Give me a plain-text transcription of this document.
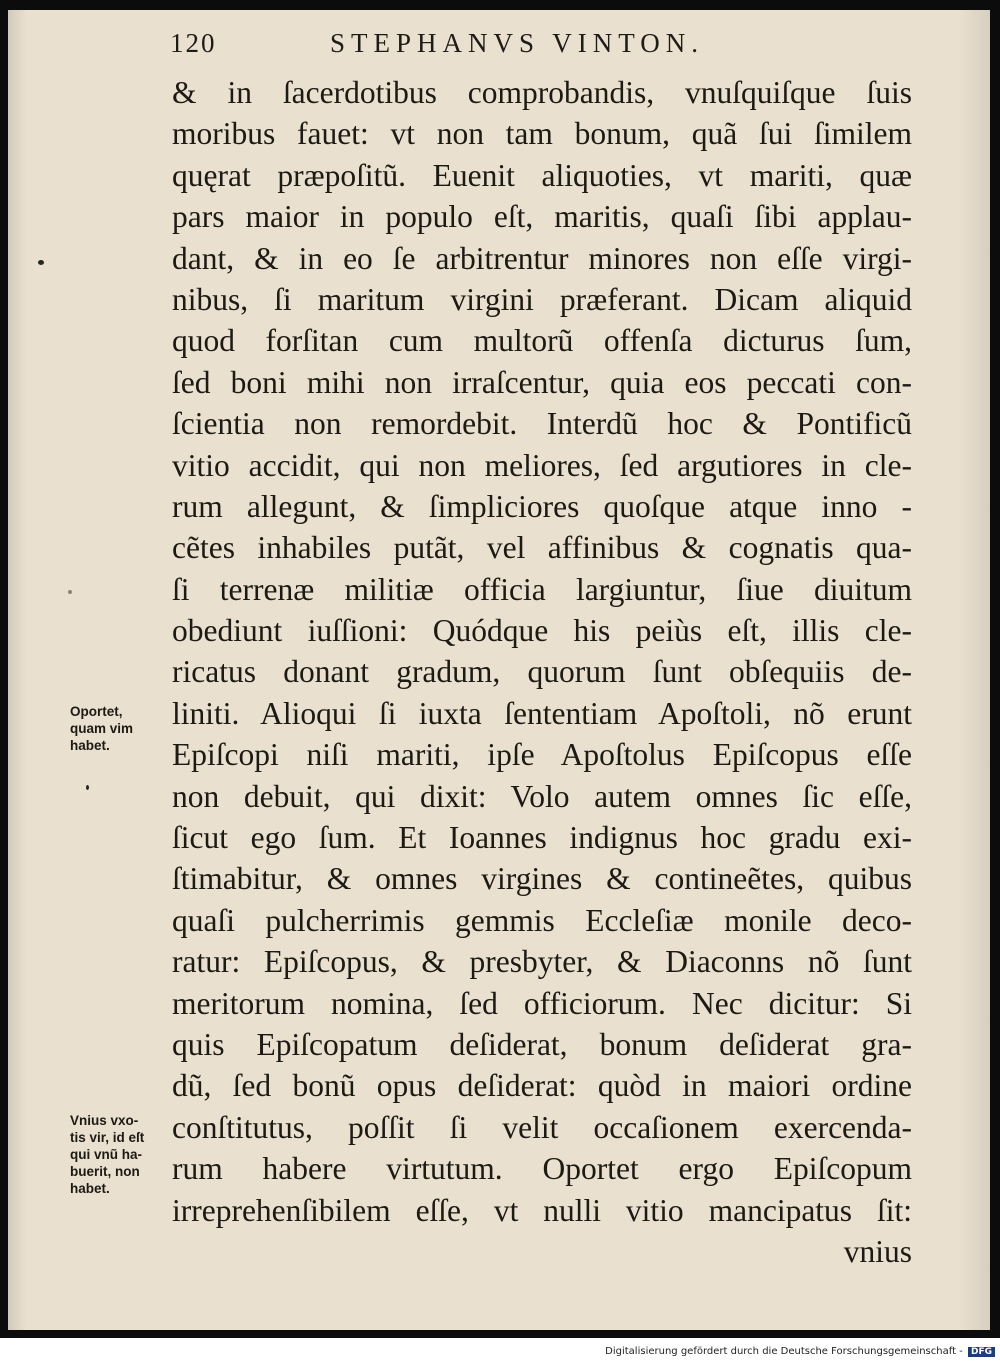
120	STEPHANVS VINTON.
& in ſacerdotibus comprobandis, vnuſquiſque ſuis
moribus fauet: vt non tam bonum, quã ſui ſimilem
quęrat præpoſitũ. Euenit aliquoties, vt mariti, quæ
pars maior in populo eſt, maritis, quaſi ſibi applau-
dant, & in eo ſe arbitrentur minores non eſſe virgi-
nibus, ſi maritum virgini præferant. Dicam aliquid
quod forſitan cum multorũ offenſa dicturus ſum,
ſed boni mihi non irraſcentur, quia eos peccati con-
ſcientia non remordebit. Interdũ hoc & Pontificũ
vitio accidit, qui non meliores, ſed argutiores in cle-
rum allegunt, & ſimpliciores quoſque atque inno -
cẽtes inhabiles putãt, vel affinibus & cognatis qua-
ſi terrenæ militiæ officia largiuntur, ſiue diuitum
obediunt iuſſioni: Quódque his peiùs eſt, illis cle-
ricatus donant gradum, quorum ſunt obſequiis de-
liniti. Alioqui ſi iuxta ſententiam Apoſtoli, nõ erunt
Epiſcopi niſi mariti, ipſe Apoſtolus Epiſcopus eſſe
non debuit, qui dixit: Volo autem omnes ſic eſſe,
ſicut ego ſum. Et Ioannes indignus hoc gradu exi-
ſtimabitur, & omnes virgines & contineẽtes, quibus
quaſi pulcherrimis gemmis Eccleſiæ monile deco-
ratur: Epiſcopus, & presbyter, & Diaconns nõ ſunt
meritorum nomina, ſed officiorum. Nec dicitur: Si
quis Epiſcopatum deſiderat, bonum deſiderat gra-
dũ, ſed bonũ opus deſiderat: quòd in maiori ordine
conſtitutus, poſſit ſi velit occaſionem exercenda-
rum habere virtutum. Oportet ergo Epiſcopum
irreprehenſibilem eſſe, vt nulli vitio mancipatus ſit:
vnius
Oportet,
quam vim
habet.
Vnius vxo-
tis vir, id eſt
qui vnũ ha-
buerit, non
habet.
Digitalisierung gefördert durch die Deutsche Forschungsgemeinschaft - DFG
